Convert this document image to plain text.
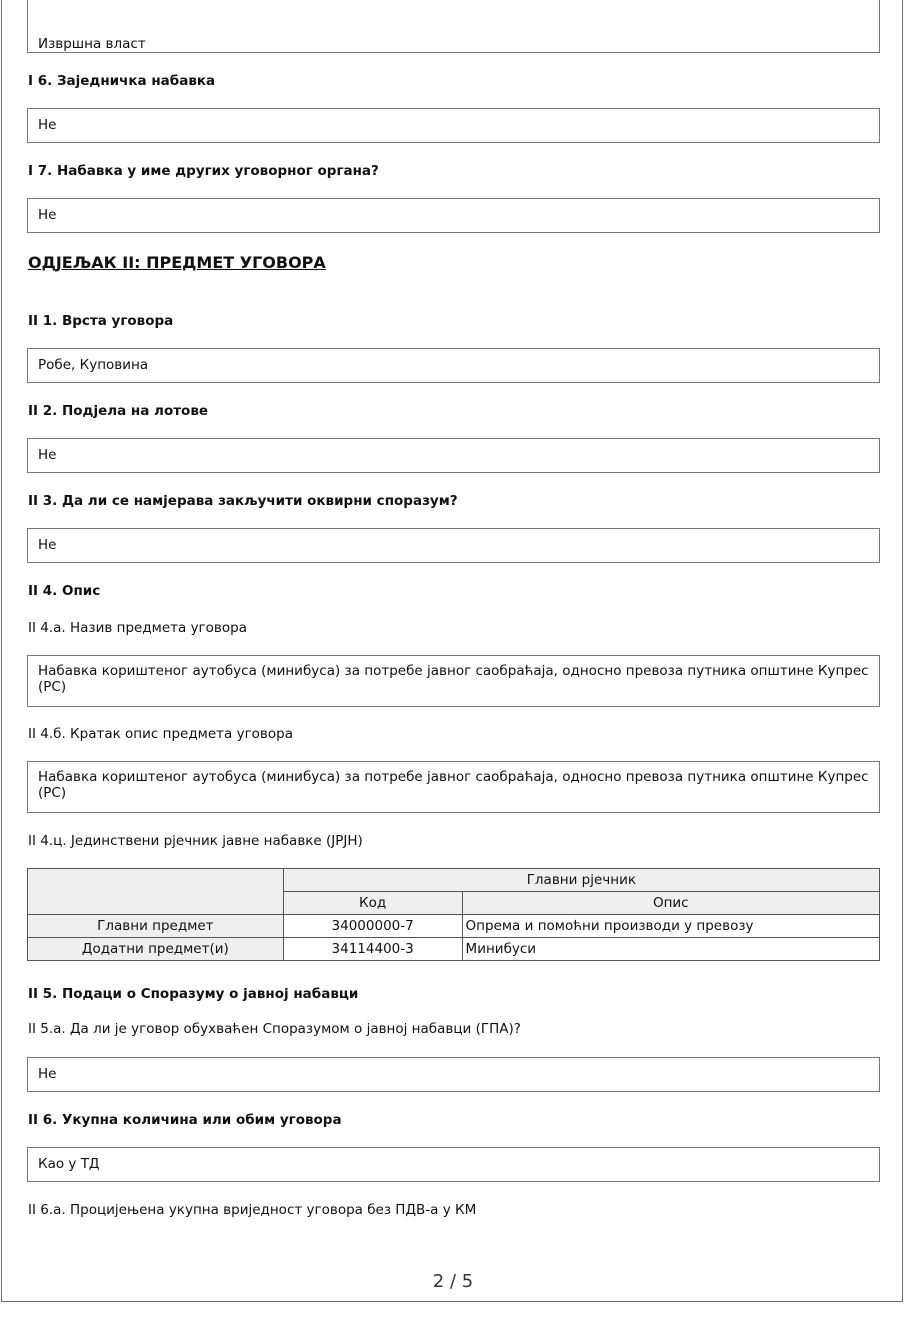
Извршна власт
I 6. Заједничка набавка
Не
I 7. Набавка у име других уговорног органа?
Не
ОДЈЕЉАК II: ПРЕДМЕТ УГОВОРА
II 1. Врста уговора
Робе, Куповина
II 2. Подјела на лотове
Не
II 3. Да ли се намјерава закључити оквирни споразум?
Не
II 4. Опис
II 4.а. Назив предмета уговора
Набавка кориштеног аутобуса (минибуса) за потребе јавног саобраћаја, односно превоза путника општине Купрес (РС)
II 4.б. Кратак опис предмета уговора
Набавка кориштеног аутобуса (минибуса) за потребе јавног саобраћаја, односно превоза путника општине Купрес (РС)
II 4.ц. Јединствени рјечник јавне набавке (JPJH)
	Главни рјечник	
	Код	Опис
Главни предмет	34000000-7	Опрема и помоћни производи у превозу
Додатни предмет(и)	34114400-3	Минибуси
II 5. Подаци о Споразуму о јавној набавци
II 5.а. Да ли је уговор обухваћен Споразумом о јавној набавци (ГПА)?
Не
II 6. Укупна количина или обим уговора
Као у ТД
II 6.а. Процијењена укупна вриједност уговора без ПДВ-а у КМ
2 / 5
